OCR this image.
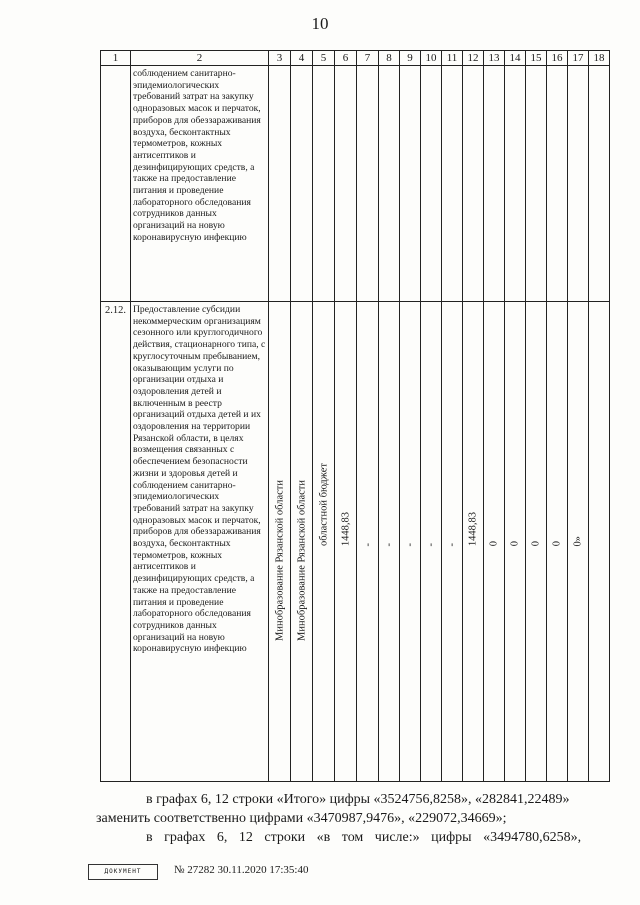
10
1	2	3	4	5	6	7	8	9	10	11	12	13	14	15	16	17	18
	соблюдением санитарно-эпидемиологических требований затрат на закупку одноразовых масок и перчаток, приборов для обеззараживания воздуха, бесконтактных термометров, кожных антисептиков и дезинфицирующих средств, а также на предоставление питания и проведение лабораторного обследования сотрудников данных организаций на новую коронавирусную инфекцию																
2.12.	Предоставление субсидии некоммерческим организациям сезонного или круглогодичного действия, стационарного типа, с круглосуточным пребыванием, оказывающим услуги по организации отдыха и оздоровления детей и включенным в реестр организаций отдыха детей и их оздоровления на территории Рязанской области, в целях возмещения связанных с обеспечением безопасности жизни и здоровья детей и соблюдением санитарно-эпидемиологических требований затрат на закупку одноразовых масок и перчаток, приборов для обеззараживания воздуха, бесконтактных термометров, кожных антисептиков и дезинфицирующих средств, а также на предоставление питания и проведение лабораторного обследования сотрудников данных организаций на новую коронавирусную инфекцию	Минобразование Рязанской области	Минобразование Рязанской области	областной бюджет	1448,83	-	-	-	-	-	1448,83	0	0	0	0	0»	

в графах 6, 12 строки «Итого» цифры «3524756,8258», «282841,22489»
заменить соответственно цифрами «3470987,9476», «229072,34669»;
в графах 6, 12 строки «в том числе:» цифры «3494780,6258»,
ДОКУМЕНТ	№ 27282 30.11.2020 17:35:40
